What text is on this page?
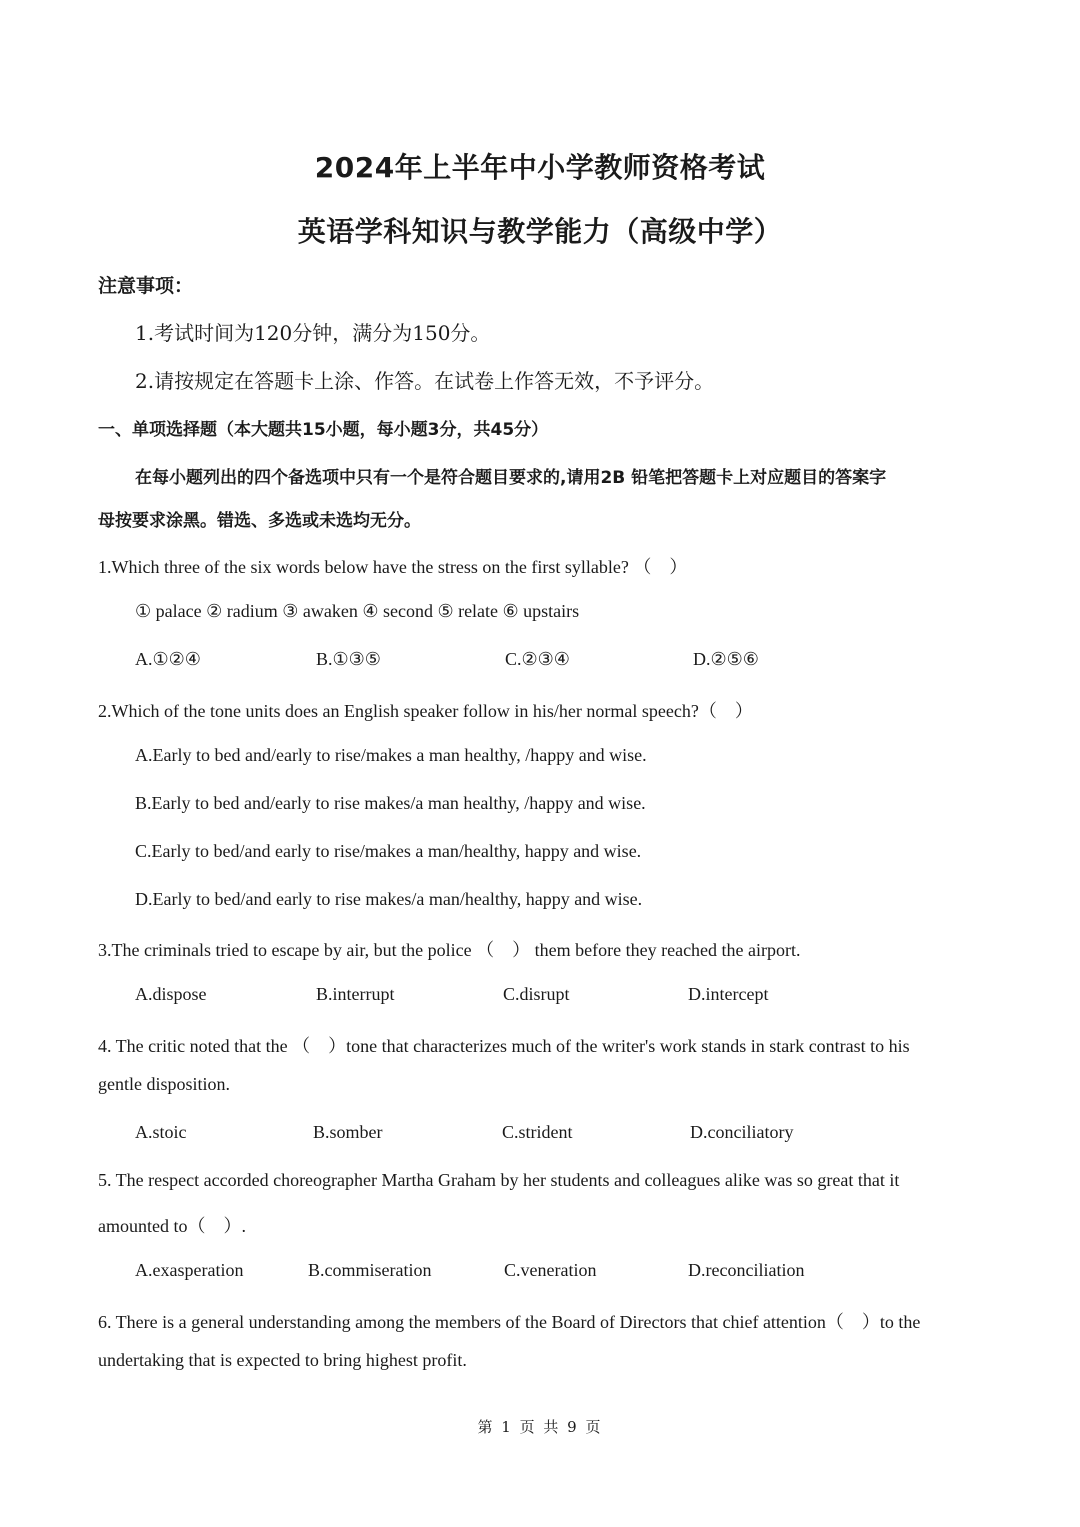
2024年上半年中小学教师资格考试
英语学科知识与教学能力（高级中学）
注意事项：
1.考试时间为120分钟，满分为150分。
2.请按规定在答题卡上涂、作答。在试卷上作答无效，不予评分。
一、单项选择题（本大题共15小题，每小题3分，共45分）
在每小题列出的四个备选项中只有一个是符合题目要求的,请用2B 铅笔把答题卡上对应题目的答案字
母按要求涂黑。错选、多选或未选均无分。
1.Which three of the six words below have the stress on the first syllable? （　）
① palace ② radium ③ awaken ④ second ⑤ relate ⑥ upstairs
A.①②④	B.①③⑤	C.②③④	D.②⑤⑥
2.Which of the tone units does an English speaker follow in his/her normal speech?（　）
A.Early to bed and/early to rise/makes a man healthy, /happy and wise.
B.Early to bed and/early to rise makes/a man healthy, /happy and wise.
C.Early to bed/and early to rise/makes a man/healthy, happy and wise.
D.Early to bed/and early to rise makes/a man/healthy, happy and wise.
3.The criminals tried to escape by air, but the police （　） them before they reached the airport.
A.dispose	B.interrupt	C.disrupt	D.intercept
4. The critic noted that the （　）tone that characterizes much of the writer's work stands in stark contrast to his
gentle disposition.
A.stoic	B.somber	C.strident	D.conciliatory
5. The respect accorded choreographer Martha Graham by her students and colleagues alike was so great that it
amounted to（　）.
A.exasperation	B.commiseration	C.veneration	D.reconciliation
6. There is a general understanding among the members of the Board of Directors that chief attention（　）to the
undertaking that is expected to bring highest profit.
第 1 页 共 9 页
